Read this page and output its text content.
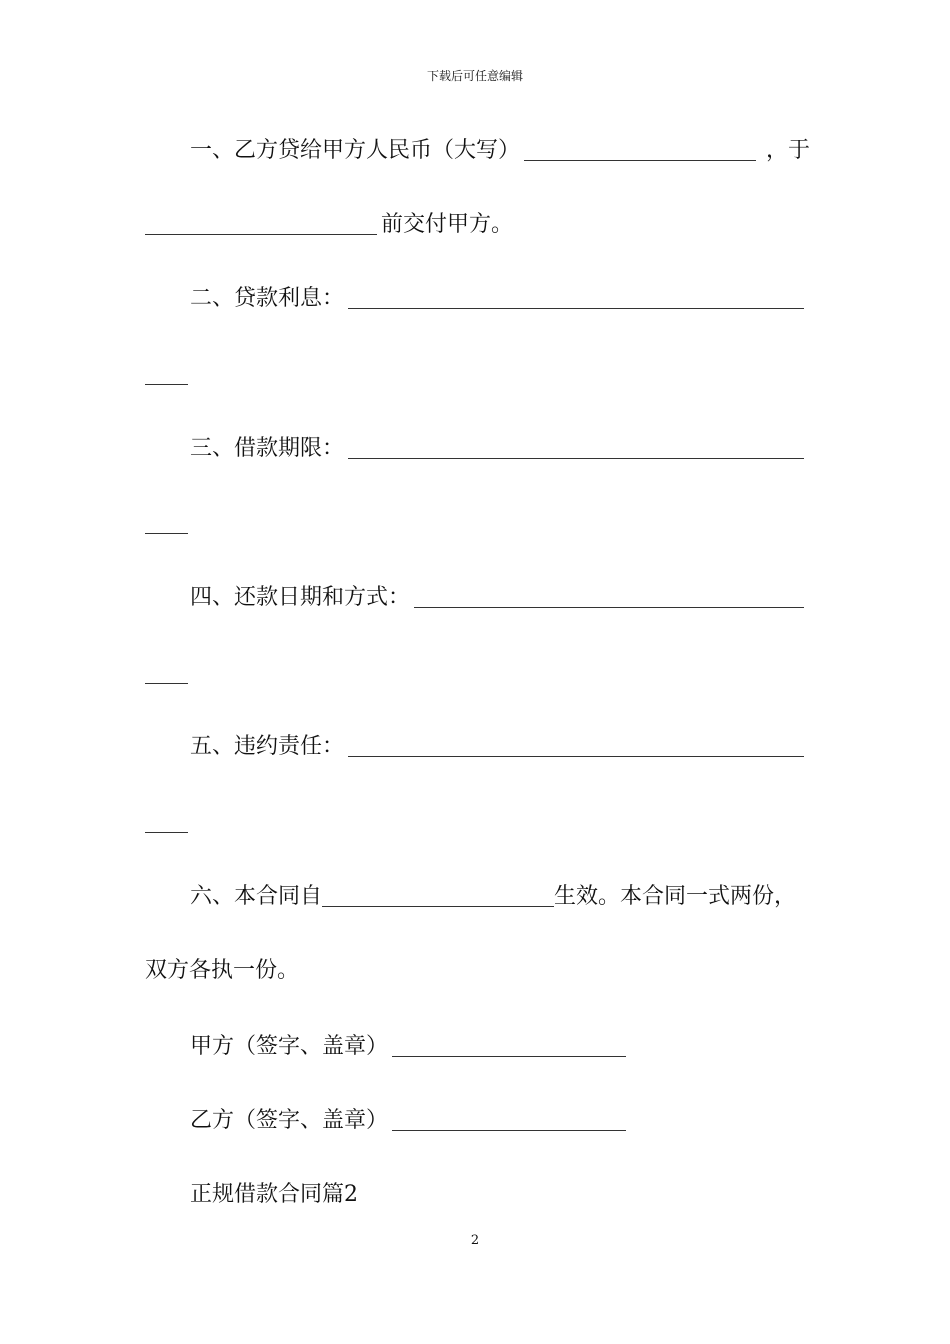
下载后可任意编辑
一、乙方贷给甲方人民币（大写）	，于
前交付甲方。
二、贷款利息：
三、借款期限：
四、还款日期和方式：
五、违约责任：
六、本合同自	生效。本合同一式两份，
双方各执一份。
甲方（签字、盖章）
乙方（签字、盖章）
正规借款合同篇2
2
